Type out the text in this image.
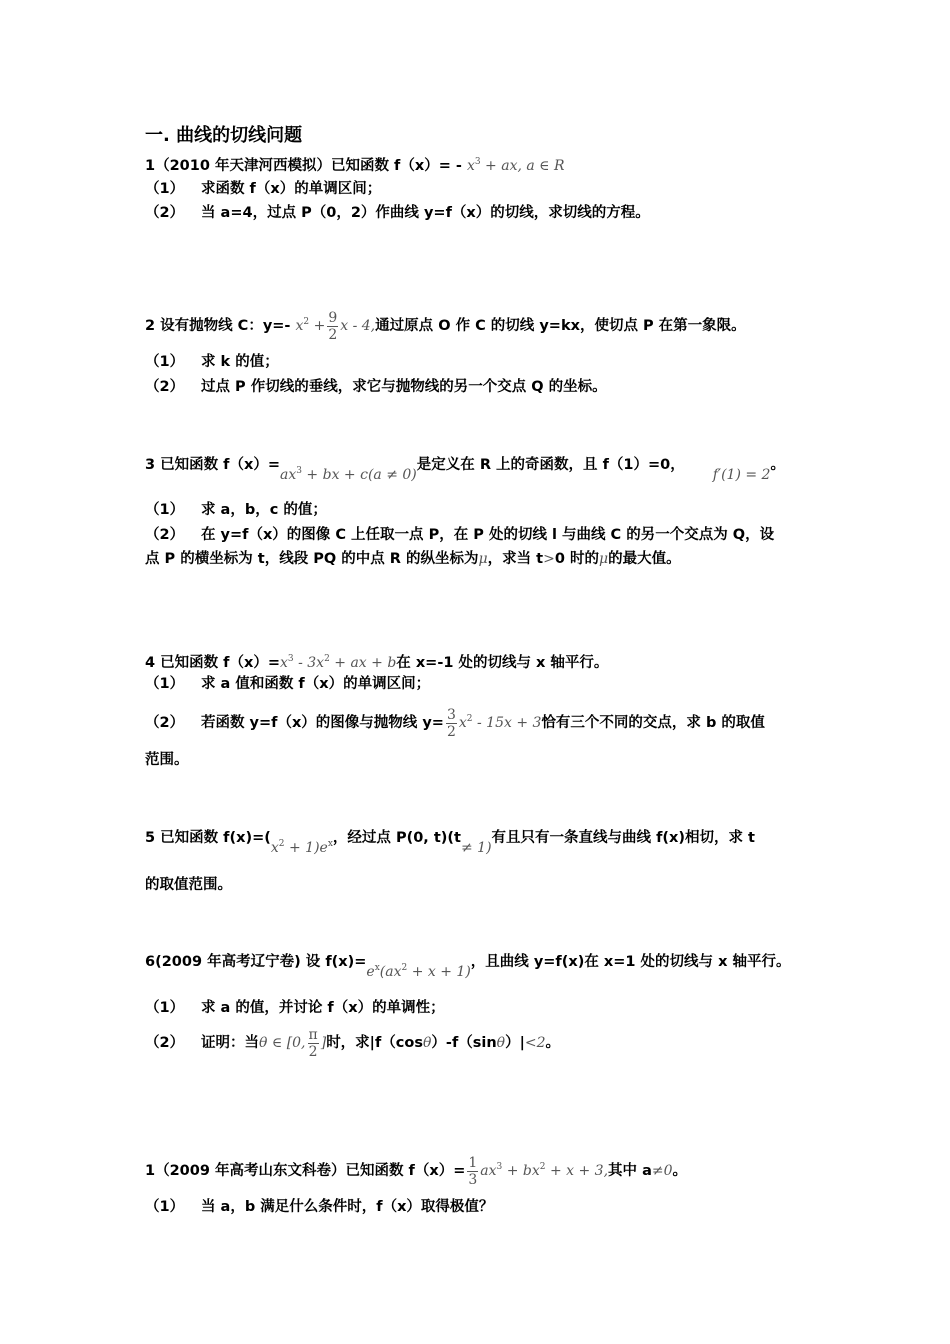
一. 曲线的切线问题
1（2010 年天津河西模拟）已知函数 $f(x)= - x^3$ + ax, a ∈ R
（1） 求函数 f（x）的单调区间；
（2） 当 a=4，过点 P（0，2）作曲线 y=f（x）的切线，求切线的方程。
2 设有抛物线 C：y=- $x^2 + \frac{9}{2}$ x - 4,通过原点 O 作 C 的切线 y=kx，使切点 P 在第一象限。
（1） 求 k 的值；
（2） 过点 P 作切线的垂线，求它与抛物线的另一个交点 Q 的坐标。
3 已知函数 $f(x)=ax^3$ + bx + c(a ≠ 0)是定义在 R 上的奇函数，且 f（1）=0，f′(1) = 2。
（1） 求 a，b，c 的值；
（2） 在 y=f（x）的图像 C 上任取一点 P，在 P 处的切线 l 与曲线 C 的另一个交点为 Q，设
点 P 的横坐标为 t，线段 PQ 的中点 R 的纵坐标为μ，求当 t>0 时的μ的最大值。
4 已知函数 $f(x)=x^3 - 3x^2$ + ax + b在 x=-1 处的切线与 x 轴平行。
（1） 求 a 值和函数 f（x）的单调区间；
（2） 若函数 y=f（x）的图像与抛物线 $y= \frac{3}{2} x^2 - 15x + 3$恰有三个不同的交点，求 b 的取值
范围。
5 已知函数 $f(x)=(x^2 + 1)e^x$，经过点 P(0, t)(t≠ 1)有且只有一条直线与曲线 f(x)相切，求 t
的取值范围。
6(2009 年高考辽宁卷) 设 $f(x)=e^x(ax^2 + x + 1)$，且曲线 y=f(x)在 x=1 处的切线与 x 轴平行。
（1） 求 a 的值，并讨论 f（x）的单调性；
（2） 证明：当θ ∈ [0, $\frac{\pi}{2}$ ]时，求|f（cosθ）-f（sinθ）|<2。
1（2009 年高考山东文科卷）已知函数 $f(x)= \frac{1}{3} ax^3 + bx^2 + x + 3$,其中 a≠0。
（1） 当 a，b 满足什么条件时，f（x）取得极值？
